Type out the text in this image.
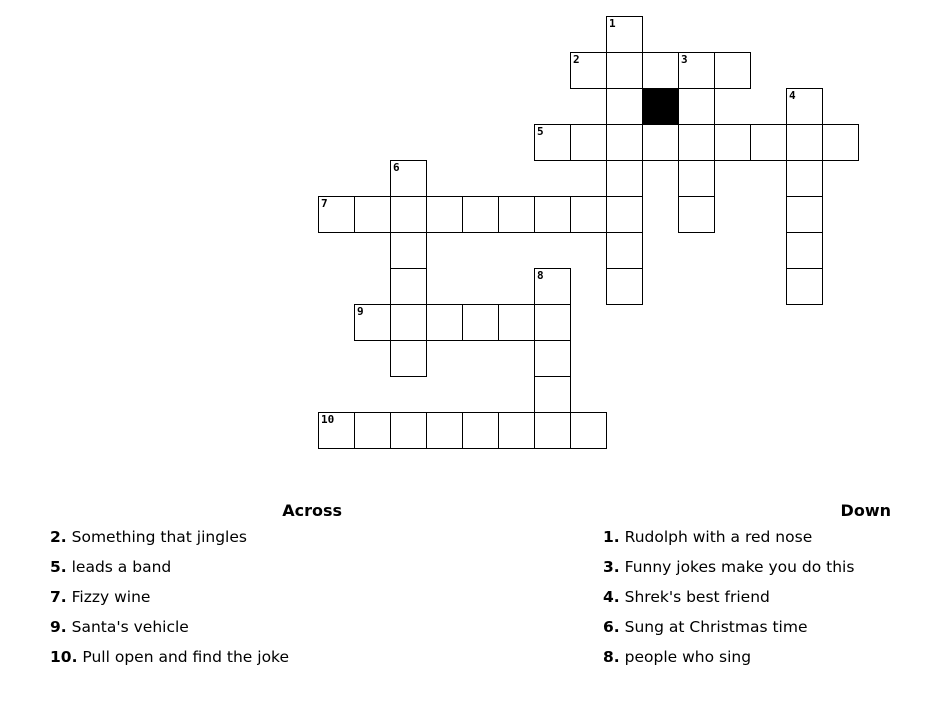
1
2	3
4
5
6
7
8
9
10
Across
2. Something that jingles
5. leads a band
7. Fizzy wine
9. Santa's vehicle
10. Pull open and find the joke
Down
1. Rudolph with a red nose
3. Funny jokes make you do this
4. Shrek's best friend
6. Sung at Christmas time
8. people who sing
